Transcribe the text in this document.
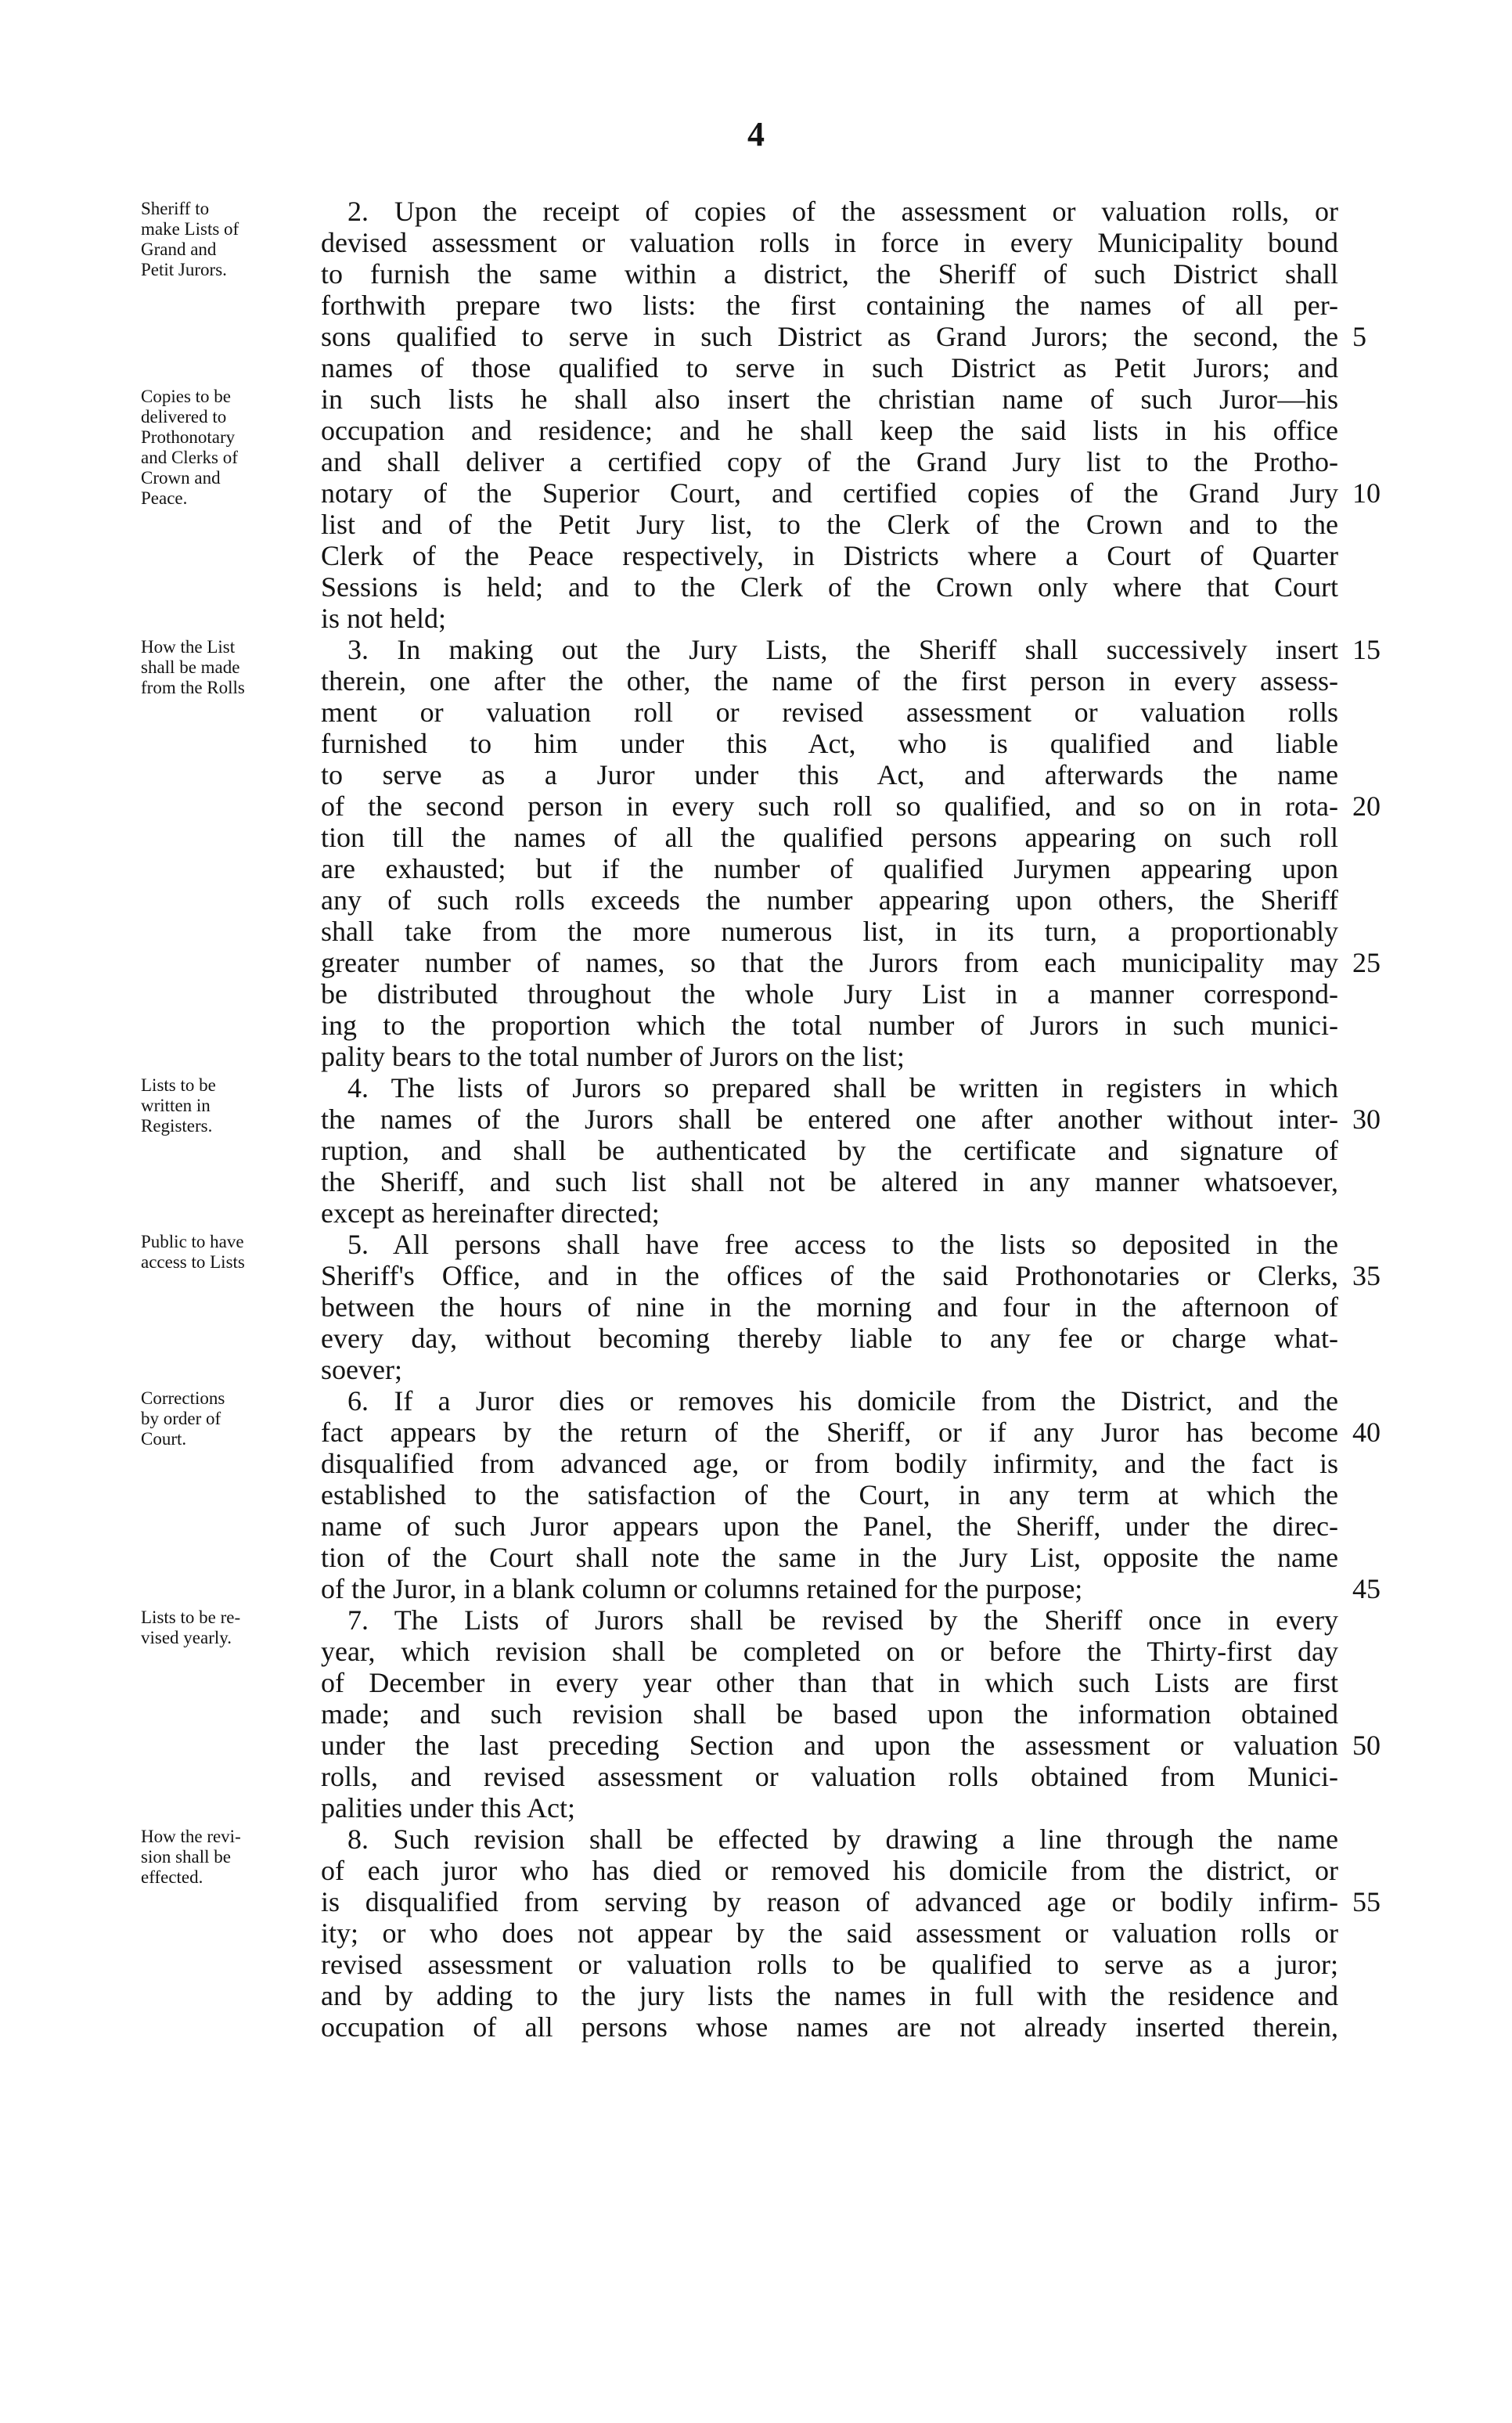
4
Sheriff to
make Lists of
Grand and
Petit Jurors.
Copies to be
delivered to
Prothonotary
and Clerks of
Crown and
Peace.
How the List
shall be made
from the Rolls
Lists to be
written in
Registers.
Public to have
access to Lists
Corrections
by order of
Court.
Lists to be re-
vised yearly.
How the revi-
sion shall be
effected.
2. Upon the receipt of copies of the assessment or valuation rolls, or
devised assessment or valuation rolls in force in every Municipality bound
to furnish the same within a district, the Sheriff of such District shall
forthwith prepare two lists: the first containing the names of all per-
sons qualified to serve in such District as Grand Jurors; the second, the
names of those qualified to serve in such District as Petit Jurors; and
in such lists he shall also insert the christian name of such Juror—his
occupation and residence; and he shall keep the said lists in his office
and shall deliver a certified copy of the Grand Jury list to the Protho-
notary of the Superior Court, and certified copies of the Grand Jury
list and of the Petit Jury list, to the Clerk of the Crown and to the
Clerk of the Peace respectively, in Districts where a Court of Quarter
Sessions is held; and to the Clerk of the Crown only where that Court
is not held;
3. In making out the Jury Lists, the Sheriff shall successively insert
therein, one after the other, the name of the first person in every assess-
ment or valuation roll or revised assessment or valuation rolls
furnished to him under this Act, who is qualified and liable
to serve as a Juror under this Act, and afterwards the name
of the second person in every such roll so qualified, and so on in rota-
tion till the names of all the qualified persons appearing on such roll
are exhausted; but if the number of qualified Jurymen appearing upon
any of such rolls exceeds the number appearing upon others, the Sheriff
shall take from the more numerous list, in its turn, a proportionably
greater number of names, so that the Jurors from each municipality may
be distributed throughout the whole Jury List in a manner correspond-
ing to the proportion which the total number of Jurors in such munici-
pality bears to the total number of Jurors on the list;
4. The lists of Jurors so prepared shall be written in registers in which
the names of the Jurors shall be entered one after another without inter-
ruption, and shall be authenticated by the certificate and signature of
the Sheriff, and such list shall not be altered in any manner whatsoever,
except as hereinafter directed;
5. All persons shall have free access to the lists so deposited in the
Sheriff's Office, and in the offices of the said Prothonotaries or Clerks,
between the hours of nine in the morning and four in the afternoon of
every day, without becoming thereby liable to any fee or charge what-
soever;
6. If a Juror dies or removes his domicile from the District, and the
fact appears by the return of the Sheriff, or if any Juror has become
disqualified from advanced age, or from bodily infirmity, and the fact is
established to the satisfaction of the Court, in any term at which the
name of such Juror appears upon the Panel, the Sheriff, under the direc-
tion of the Court shall note the same in the Jury List, opposite the name
of the Juror, in a blank column or columns retained for the purpose;
7. The Lists of Jurors shall be revised by the Sheriff once in every
year, which revision shall be completed on or before the Thirty-first day
of December in every year other than that in which such Lists are first
made; and such revision shall be based upon the information obtained
under the last preceding Section and upon the assessment or valuation
rolls, and revised assessment or valuation rolls obtained from Munici-
palities under this Act;
8. Such revision shall be effected by drawing a line through the name
of each juror who has died or removed his domicile from the district, or
is disqualified from serving by reason of advanced age or bodily infirm-
ity; or who does not appear by the said assessment or valuation rolls or
revised assessment or valuation rolls to be qualified to serve as a juror;
and by adding to the jury lists the names in full with the residence and
occupation of all persons whose names are not already inserted therein,
5
10
15
20
25
30
35
40
45
50
55
